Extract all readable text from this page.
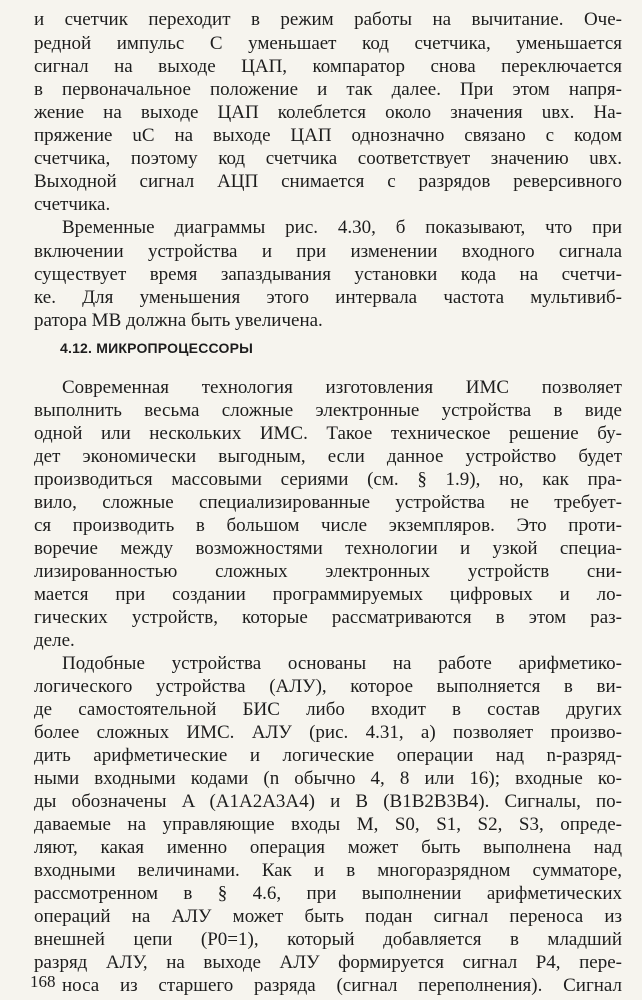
и счетчик переходит в режим работы на вычитание. Оче-
редной импульс C уменьшает код счетчика, уменьшается
сигнал на выходе ЦАП, компаратор снова переключается
в первоначальное положение и так далее. При этом напря-
жение на выходе ЦАП колеблется около значения uвх. На-
пряжение uC на выходе ЦАП однозначно связано с кодом
счетчика, поэтому код счетчика соответствует значению uвх.
Выходной сигнал АЦП снимается с разрядов реверсивного
счетчика.
Временные диаграммы рис. 4.30, б показывают, что при
включении устройства и при изменении входного сигнала
существует время запаздывания установки кода на счетчи-
ке. Для уменьшения этого интервала частота мультивиб-
ратора MB должна быть увеличена.
4.12. МИКРОПРОЦЕССОРЫ
Современная технология изготовления ИМС позволяет
выполнить весьма сложные электронные устройства в виде
одной или нескольких ИМС. Такое техническое решение бу-
дет экономически выгодным, если данное устройство будет
производиться массовыми сериями (см. § 1.9), но, как пра-
вило, сложные специализированные устройства не требует-
ся производить в большом числе экземпляров. Это проти-
воречие между возможностями технологии и узкой специа-
лизированностью сложных электронных устройств сни-
мается при создании программируемых цифровых и ло-
гических устройств, которые рассматриваются в этом раз-
деле.
Подобные устройства основаны на работе арифметико-
логического устройства (АЛУ), которое выполняется в ви-
де самостоятельной БИС либо входит в состав других
более сложных ИМС. АЛУ (рис. 4.31, а) позволяет произво-
дить арифметические и логические операции над n-разряд-
ными входными кодами (n обычно 4, 8 или 16); входные ко-
ды обозначены A (A1A2A3A4) и B (B1B2B3B4). Сигналы, по-
даваемые на управляющие входы M, S0, S1, S2, S3, опреде-
ляют, какая именно операция может быть выполнена над
входными величинами. Как и в многоразрядном сумматоре,
рассмотренном в § 4.6, при выполнении арифметических
операций на АЛУ может быть подан сигнал переноса из
внешней цепи (P0=1), который добавляется в младший
разряд АЛУ, на выходе АЛУ формируется сигнал P4, пере-
носа из старшего разряда (сигнал переполнения). Сигнал
168
